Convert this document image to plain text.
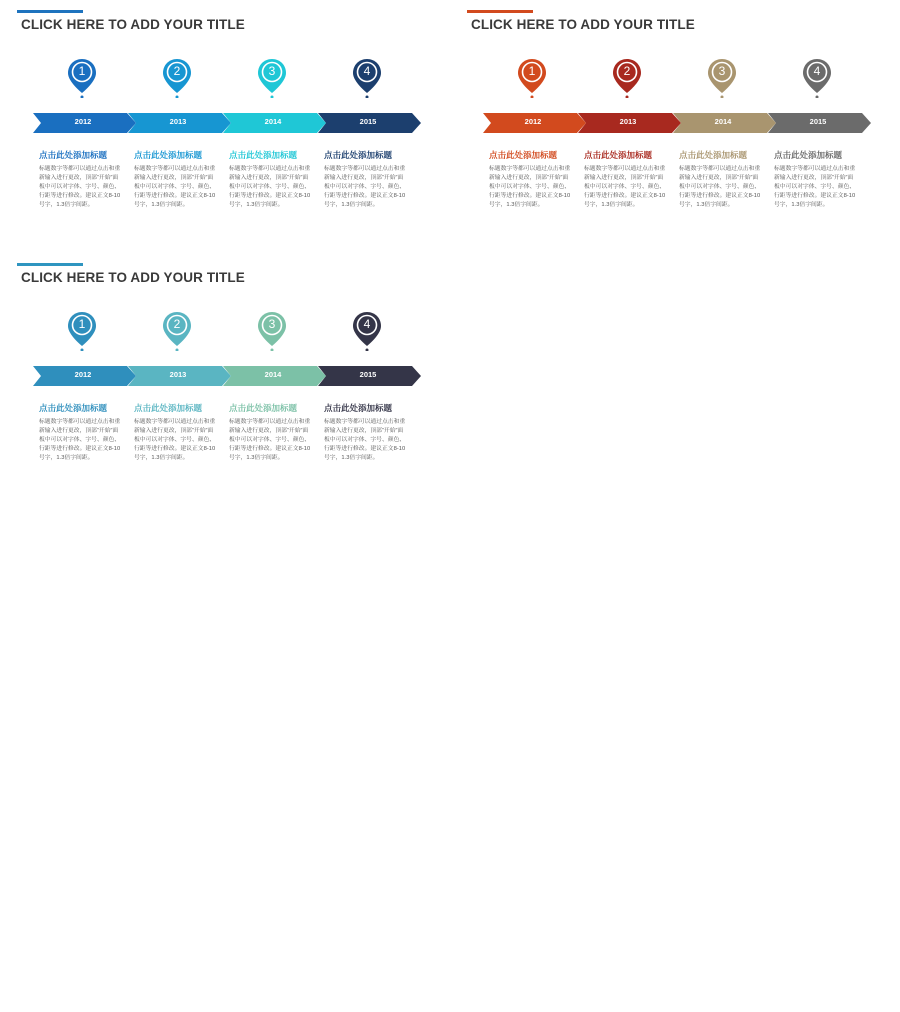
CLICK HERE TO ADD YOUR TITLE
1
2012
点击此处添加标题
标题数字等都可以通过点击和重新输入进行更改，顶部“开始”面板中可以对字体、字号、颜色、行距等进行修改。建议正文8-10号字，1.3倍字间距。
2
2013
点击此处添加标题
标题数字等都可以通过点击和重新输入进行更改，顶部“开始”面板中可以对字体、字号、颜色、行距等进行修改。建议正文8-10号字，1.3倍字间距。
3
2014
点击此处添加标题
标题数字等都可以通过点击和重新输入进行更改，顶部“开始”面板中可以对字体、字号、颜色、行距等进行修改。建议正文8-10号字，1.3倍字间距。
4
2015
点击此处添加标题
标题数字等都可以通过点击和重新输入进行更改，顶部“开始”面板中可以对字体、字号、颜色、行距等进行修改。建议正文8-10号字，1.3倍字间距。
CLICK HERE TO ADD YOUR TITLE
1
2012
点击此处添加标题
标题数字等都可以通过点击和重新输入进行更改，顶部“开始”面板中可以对字体、字号、颜色、行距等进行修改。建议正文8-10号字，1.3倍字间距。
2
2013
点击此处添加标题
标题数字等都可以通过点击和重新输入进行更改，顶部“开始”面板中可以对字体、字号、颜色、行距等进行修改。建议正文8-10号字，1.3倍字间距。
3
2014
点击此处添加标题
标题数字等都可以通过点击和重新输入进行更改，顶部“开始”面板中可以对字体、字号、颜色、行距等进行修改。建议正文8-10号字，1.3倍字间距。
4
2015
点击此处添加标题
标题数字等都可以通过点击和重新输入进行更改，顶部“开始”面板中可以对字体、字号、颜色、行距等进行修改。建议正文8-10号字，1.3倍字间距。
CLICK HERE TO ADD YOUR TITLE
1
2012
点击此处添加标题
标题数字等都可以通过点击和重新输入进行更改，顶部“开始”面板中可以对字体、字号、颜色、行距等进行修改。建议正文8-10号字，1.3倍字间距。
2
2013
点击此处添加标题
标题数字等都可以通过点击和重新输入进行更改，顶部“开始”面板中可以对字体、字号、颜色、行距等进行修改。建议正文8-10号字，1.3倍字间距。
3
2014
点击此处添加标题
标题数字等都可以通过点击和重新输入进行更改，顶部“开始”面板中可以对字体、字号、颜色、行距等进行修改。建议正文8-10号字，1.3倍字间距。
4
2015
点击此处添加标题
标题数字等都可以通过点击和重新输入进行更改，顶部“开始”面板中可以对字体、字号、颜色、行距等进行修改。建议正文8-10号字，1.3倍字间距。
